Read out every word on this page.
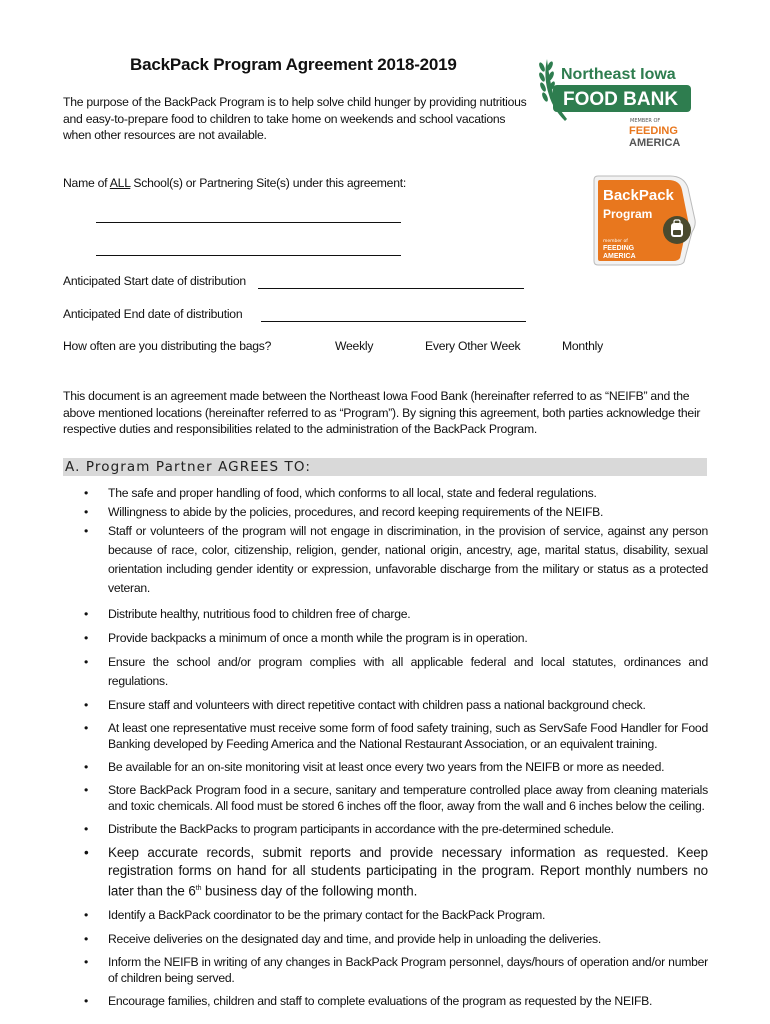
BackPack Program Agreement 2018-2019
The purpose of the BackPack Program is to help solve child hunger by providing nutritious and easy-to-prepare food to children to take home on weekends and school vacations when other resources are not available.
Northeast Iowa
FOOD BANK
MEMBER OF
FEEDING
AMERICA
BackPack
Program
member of
FEEDING
AMERICA
Name of ALL School(s) or Partnering Site(s) under this agreement:
Anticipated Start date of distribution
Anticipated End date of distribution
How often are you distributing the bags?	Weekly	Every Other Week	Monthly
This document is an agreement made between the Northeast Iowa Food Bank (hereinafter referred to as “NEIFB” and the above mentioned locations (hereinafter referred to as “Program”). By signing this agreement, both parties acknowledge their respective duties and responsibilities related to the administration of the BackPack Program.
A. Program Partner AGREES TO:
• The safe and proper handling of food, which conforms to all local, state and federal regulations.
• Willingness to abide by the policies, procedures, and record keeping requirements of the NEIFB.
• Staff or volunteers of the program will not engage in discrimination, in the provision of service, against any person because of race, color, citizenship, religion, gender, national origin, ancestry, age, marital status, disability, sexual orientation including gender identity or expression, unfavorable discharge from the military or status as a protected veteran.
• Distribute healthy, nutritious food to children free of charge.
• Provide backpacks a minimum of once a month while the program is in operation.
• Ensure the school and/or program complies with all applicable federal and local statutes, ordinances and regulations.
• Ensure staff and volunteers with direct repetitive contact with children pass a national background check.
• At least one representative must receive some form of food safety training, such as ServSafe Food Handler for Food Banking developed by Feeding America and the National Restaurant Association, or an equivalent training.
• Be available for an on-site monitoring visit at least once every two years from the NEIFB or more as needed.
• Store BackPack Program food in a secure, sanitary and temperature controlled place away from cleaning materials and toxic chemicals. All food must be stored 6 inches off the floor, away from the wall and 6 inches below the ceiling.
• Distribute the BackPacks to program participants in accordance with the pre-determined schedule.
• Keep accurate records, submit reports and provide necessary information as requested. Keep registration forms on hand for all students participating in the program. Report monthly numbers no later than the 6th business day of the following month.
• Identify a BackPack coordinator to be the primary contact for the BackPack Program.
• Receive deliveries on the designated day and time, and provide help in unloading the deliveries.
• Inform the NEIFB in writing of any changes in BackPack Program personnel, days/hours of operation and/or number of children being served.
• Encourage families, children and staff to complete evaluations of the program as requested by the NEIFB.
